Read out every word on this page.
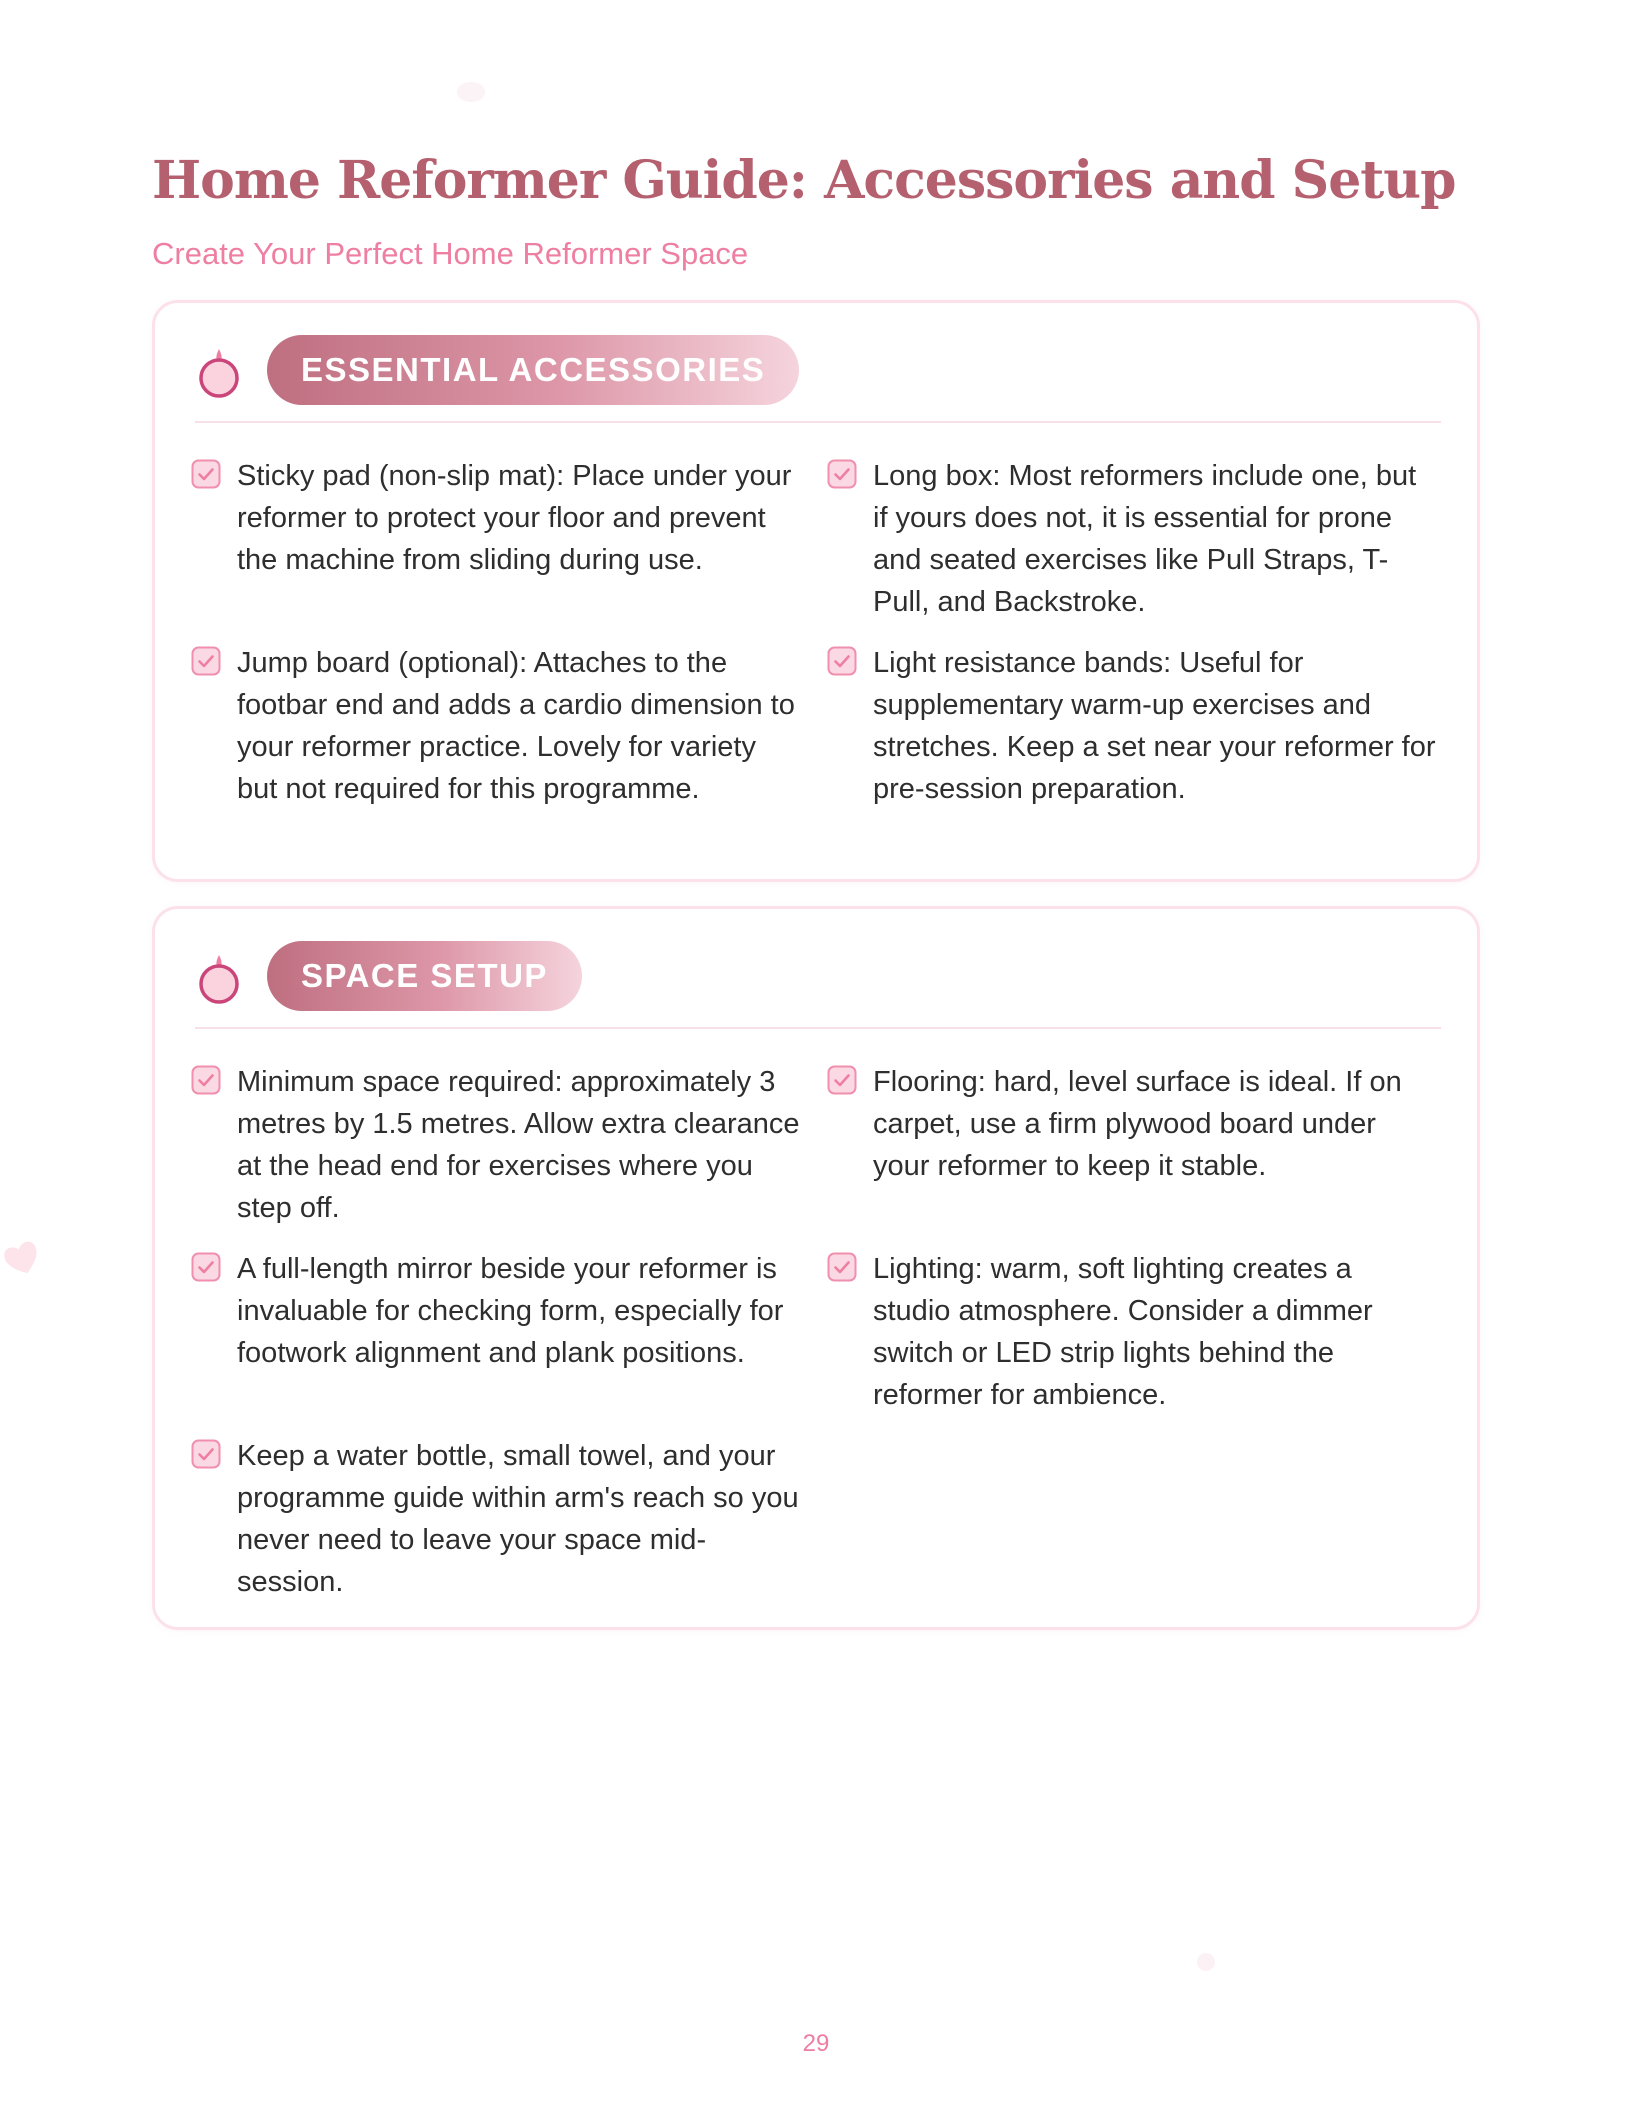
Home Reformer Guide: Accessories and Setup
Create Your Perfect Home Reformer Space
ESSENTIAL ACCESSORIES
Sticky pad (non-slip mat): Place under your reformer to protect your floor and prevent the machine from sliding during use.
Long box: Most reformers include one, but if yours does not, it is essential for prone and seated exercises like Pull Straps, T-Pull, and Backstroke.
Jump board (optional): Attaches to the footbar end and adds a cardio dimension to your reformer practice. Lovely for variety but not required for this programme.
Light resistance bands: Useful for supplementary warm-up exercises and stretches. Keep a set near your reformer for pre-session preparation.
SPACE SETUP
Minimum space required: approximately 3 metres by 1.5 metres. Allow extra clearance at the head end for exercises where you step off.
Flooring: hard, level surface is ideal. If on carpet, use a firm plywood board under your reformer to keep it stable.
A full-length mirror beside your reformer is invaluable for checking form, especially for footwork alignment and plank positions.
Lighting: warm, soft lighting creates a studio atmosphere. Consider a dimmer switch or LED strip lights behind the reformer for ambience.
Keep a water bottle, small towel, and your programme guide within arm's reach so you never need to leave your space mid-session.
29
